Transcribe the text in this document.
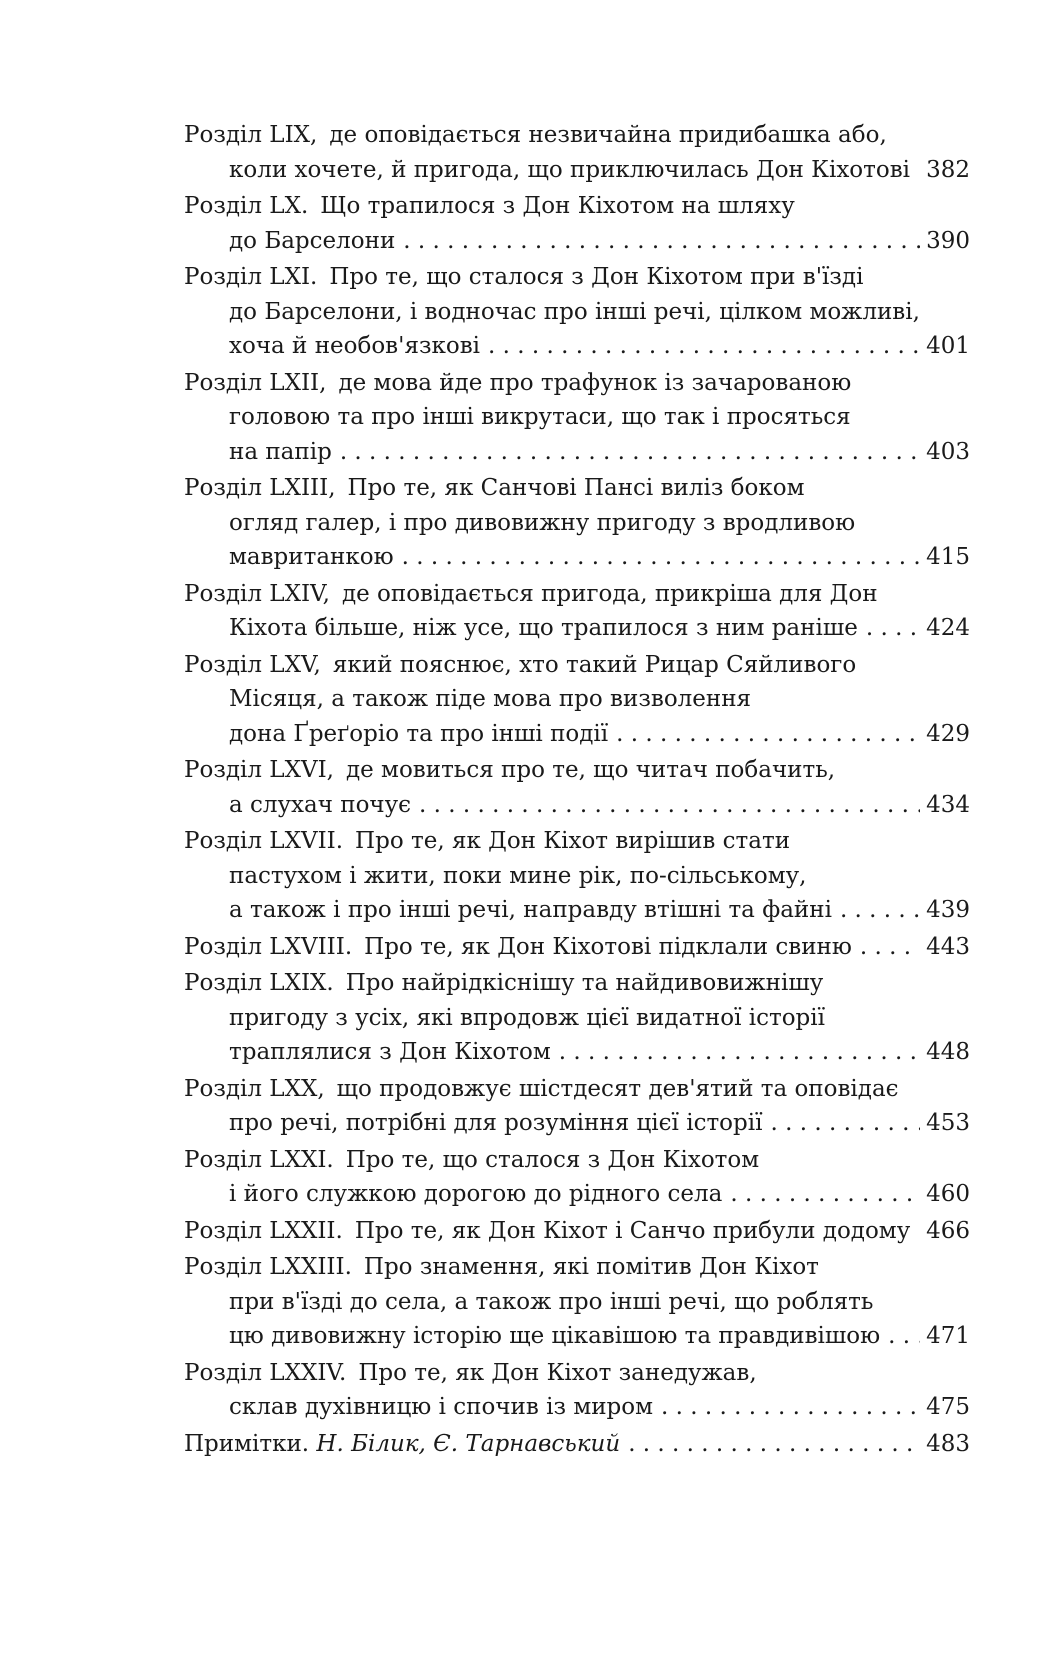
Розділ LIX, де оповідається незвичайна придибашка або,
коли хочете, й пригода, що приключилась Дон Кіхотові . . . 382
Розділ LX. Що трапилося з Дон Кіхотом на шляху
до Барселони . . .	390
Розділ LXI. Про те, що сталося з Дон Кіхотом при в'їзді
до Барселони, і водночас про інші речі, цілком можливі,
хоча й необов'язкові . . .	401
Розділ LXII, де мова йде про трафунок із зачарованою
головою та про інші викрутаси, що так і просяться
на папір . . .	403
Розділ LXIII, Про те, як Санчові Пансі виліз боком
огляд галер, і про дивовижну пригоду з вродливою
мавританкою . . .	415
Розділ LXIV, де оповідається пригода, прикріша для Дон
Кіхота більше, ніж усе, що трапилося з ним раніше . . .	424
Розділ LXV, який пояснює, хто такий Рицар Сяйливого
Місяця, а також піде мова про визволення
дона Ґреґоріо та про інші події . . .	429
Розділ LXVI, де мовиться про те, що читач побачить,
а слухач почує . . .	434
Розділ LXVII. Про те, як Дон Кіхот вирішив стати
пастухом і жити, поки мине рік, по-сільському,
а також і про інші речі, направду втішні та файні . . .	439
Розділ LXVIII. Про те, як Дон Кіхотові підклали свиню . . .	443
Розділ LXIX. Про найрідкіснішу та найдивовижнішу
пригоду з усіх, які впродовж цієї видатної історії
траплялися з Дон Кіхотом . . .	448
Розділ LXX, що продовжує шістдесят дев'ятий та оповідає
про речі, потрібні для розуміння цієї історії . . .	453
Розділ LXXI. Про те, що сталося з Дон Кіхотом
і його служкою дорогою до рідного села . . .	460
Розділ LXXII. Про те, як Дон Кіхот і Санчо прибули додому . . . 466
Розділ LXXIII. Про знамення, які помітив Дон Кіхот
при в'їзді до села, а також про інші речі, що роблять
цю дивовижну історію ще цікавішою та правдивішою . . . 471
Розділ LXXIV. Про те, як Дон Кіхот занедужав,
склав духівницю і спочив із миром . . .	475
Примітки. Н. Білик, Є. Тарнавський . . .	483
